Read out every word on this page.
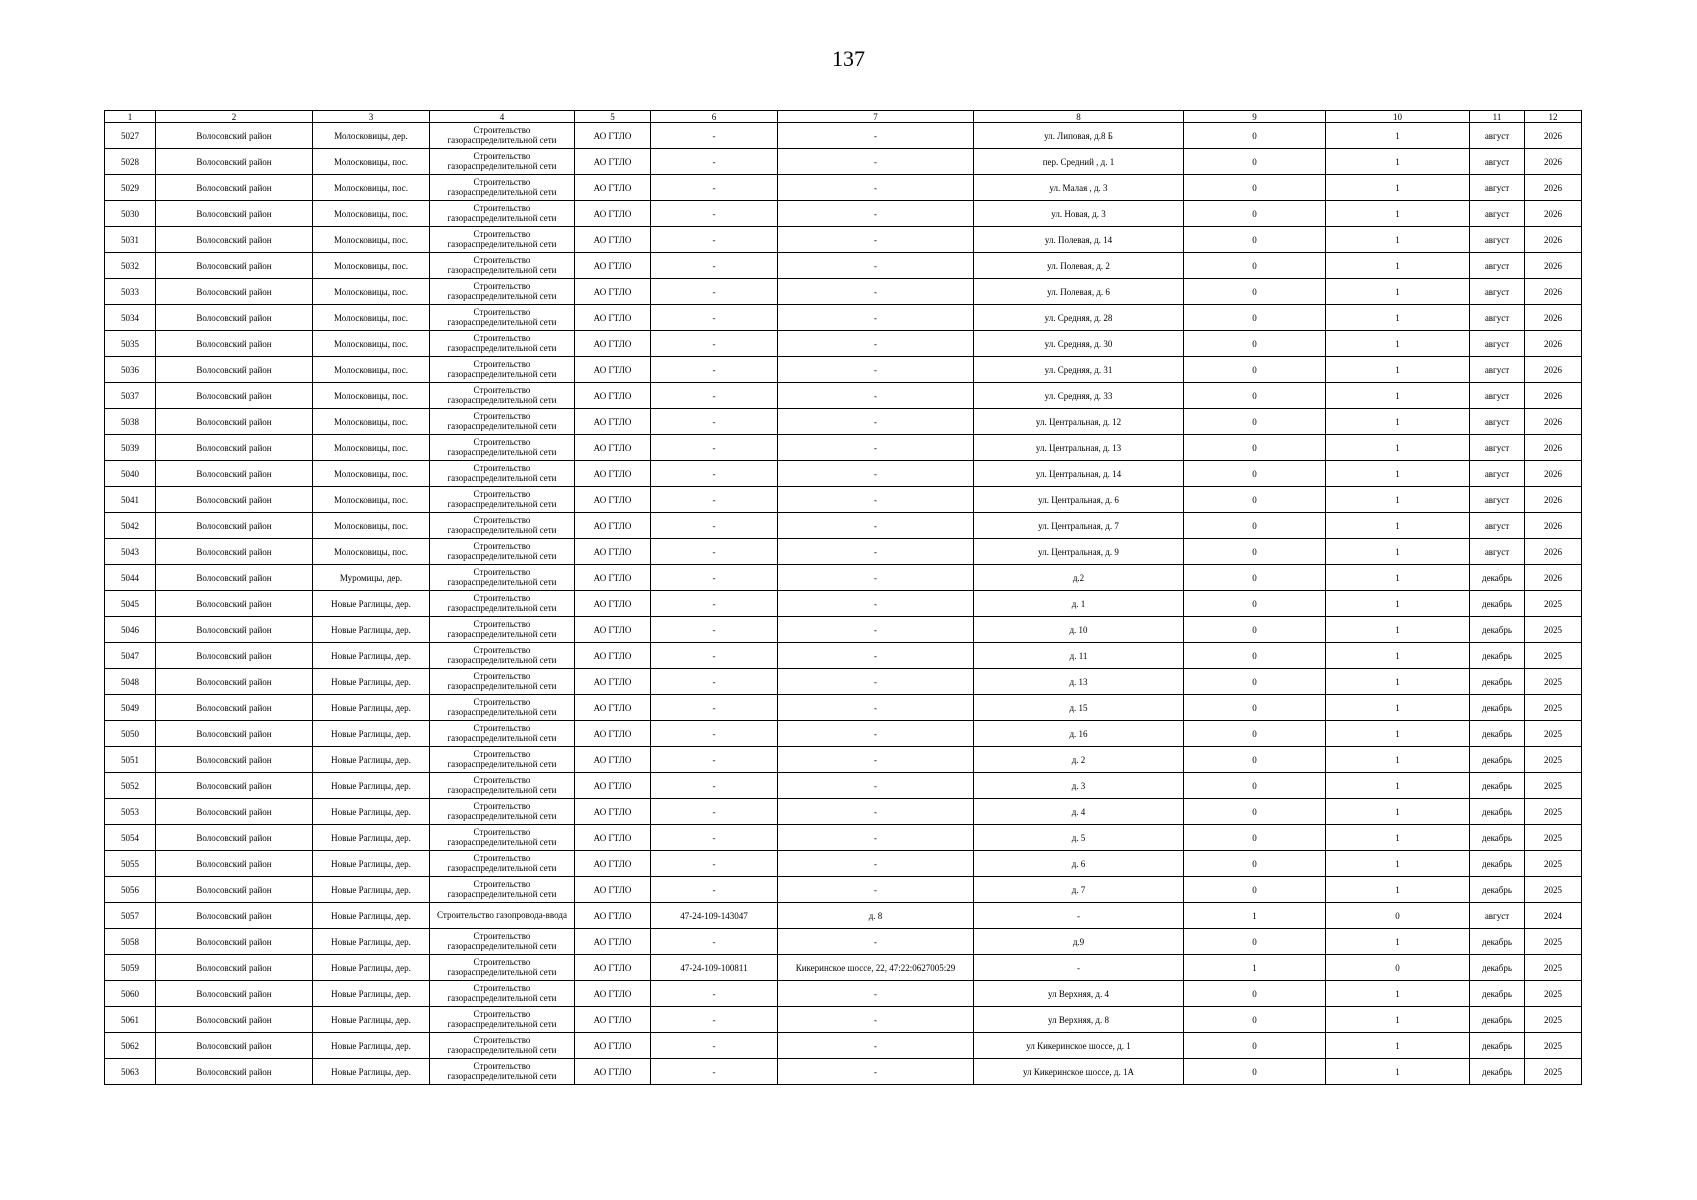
137
1	2	3	4	5	6	7	8	9	10	11	12
5027	Волосовский район	Молосковицы, дер.	Строительство газораспределительной сети	АО ГТЛО	-	-	ул. Липовая, д.8 Б	0	1	август	2026
5028	Волосовский район	Молосковицы, пос.	Строительство газораспределительной сети	АО ГТЛО	-	-	пер. Средний , д. 1	0	1	август	2026
5029	Волосовский район	Молосковицы, пос.	Строительство газораспределительной сети	АО ГТЛО	-	-	ул. Малая , д. 3	0	1	август	2026
5030	Волосовский район	Молосковицы, пос.	Строительство газораспределительной сети	АО ГТЛО	-	-	ул. Новая, д. 3	0	1	август	2026
5031	Волосовский район	Молосковицы, пос.	Строительство газораспределительной сети	АО ГТЛО	-	-	ул. Полевая, д. 14	0	1	август	2026
5032	Волосовский район	Молосковицы, пос.	Строительство газораспределительной сети	АО ГТЛО	-	-	ул. Полевая, д. 2	0	1	август	2026
5033	Волосовский район	Молосковицы, пос.	Строительство газораспределительной сети	АО ГТЛО	-	-	ул. Полевая, д. 6	0	1	август	2026
5034	Волосовский район	Молосковицы, пос.	Строительство газораспределительной сети	АО ГТЛО	-	-	ул. Средняя, д. 28	0	1	август	2026
5035	Волосовский район	Молосковицы, пос.	Строительство газораспределительной сети	АО ГТЛО	-	-	ул. Средняя, д. 30	0	1	август	2026
5036	Волосовский район	Молосковицы, пос.	Строительство газораспределительной сети	АО ГТЛО	-	-	ул. Средняя, д. 31	0	1	август	2026
5037	Волосовский район	Молосковицы, пос.	Строительство газораспределительной сети	АО ГТЛО	-	-	ул. Средняя, д. 33	0	1	август	2026
5038	Волосовский район	Молосковицы, пос.	Строительство газораспределительной сети	АО ГТЛО	-	-	ул. Центральная, д. 12	0	1	август	2026
5039	Волосовский район	Молосковицы, пос.	Строительство газораспределительной сети	АО ГТЛО	-	-	ул. Центральная, д. 13	0	1	август	2026
5040	Волосовский район	Молосковицы, пос.	Строительство газораспределительной сети	АО ГТЛО	-	-	ул. Центральная, д. 14	0	1	август	2026
5041	Волосовский район	Молосковицы, пос.	Строительство газораспределительной сети	АО ГТЛО	-	-	ул. Центральная, д. 6	0	1	август	2026
5042	Волосовский район	Молосковицы, пос.	Строительство газораспределительной сети	АО ГТЛО	-	-	ул. Центральная, д. 7	0	1	август	2026
5043	Волосовский район	Молосковицы, пос.	Строительство газораспределительной сети	АО ГТЛО	-	-	ул. Центральная, д. 9	0	1	август	2026
5044	Волосовский район	Муромицы, дер.	Строительство газораспределительной сети	АО ГТЛО	-	-	д.2	0	1	декабрь	2026
5045	Волосовский район	Новые Раглицы, дер.	Строительство газораспределительной сети	АО ГТЛО	-	-	д. 1	0	1	декабрь	2025
5046	Волосовский район	Новые Раглицы, дер.	Строительство газораспределительной сети	АО ГТЛО	-	-	д. 10	0	1	декабрь	2025
5047	Волосовский район	Новые Раглицы, дер.	Строительство газораспределительной сети	АО ГТЛО	-	-	д. 11	0	1	декабрь	2025
5048	Волосовский район	Новые Раглицы, дер.	Строительство газораспределительной сети	АО ГТЛО	-	-	д. 13	0	1	декабрь	2025
5049	Волосовский район	Новые Раглицы, дер.	Строительство газораспределительной сети	АО ГТЛО	-	-	д. 15	0	1	декабрь	2025
5050	Волосовский район	Новые Раглицы, дер.	Строительство газораспределительной сети	АО ГТЛО	-	-	д. 16	0	1	декабрь	2025
5051	Волосовский район	Новые Раглицы, дер.	Строительство газораспределительной сети	АО ГТЛО	-	-	д. 2	0	1	декабрь	2025
5052	Волосовский район	Новые Раглицы, дер.	Строительство газораспределительной сети	АО ГТЛО	-	-	д. 3	0	1	декабрь	2025
5053	Волосовский район	Новые Раглицы, дер.	Строительство газораспределительной сети	АО ГТЛО	-	-	д. 4	0	1	декабрь	2025
5054	Волосовский район	Новые Раглицы, дер.	Строительство газораспределительной сети	АО ГТЛО	-	-	д. 5	0	1	декабрь	2025
5055	Волосовский район	Новые Раглицы, дер.	Строительство газораспределительной сети	АО ГТЛО	-	-	д. 6	0	1	декабрь	2025
5056	Волосовский район	Новые Раглицы, дер.	Строительство газораспределительной сети	АО ГТЛО	-	-	д. 7	0	1	декабрь	2025
5057	Волосовский район	Новые Раглицы, дер.	Строительство газопровода-ввода	АО ГТЛО	47-24-109-143047	д. 8	-	1	0	август	2024
5058	Волосовский район	Новые Раглицы, дер.	Строительство газораспределительной сети	АО ГТЛО	-	-	д.9	0	1	декабрь	2025
5059	Волосовский район	Новые Раглицы, дер.	Строительство газораспределительной сети	АО ГТЛО	47-24-109-100811	Кикеринское шоссе, 22, 47:22:0627005:29	-	1	0	декабрь	2025
5060	Волосовский район	Новые Раглицы, дер.	Строительство газораспределительной сети	АО ГТЛО	-	-	ул Верхняя, д. 4	0	1	декабрь	2025
5061	Волосовский район	Новые Раглицы, дер.	Строительство газораспределительной сети	АО ГТЛО	-	-	ул Верхняя, д. 8	0	1	декабрь	2025
5062	Волосовский район	Новые Раглицы, дер.	Строительство газораспределительной сети	АО ГТЛО	-	-	ул Кикеринское шоссе, д. 1	0	1	декабрь	2025
5063	Волосовский район	Новые Раглицы, дер.	Строительство газораспределительной сети	АО ГТЛО	-	-	ул Кикеринское шоссе, д. 1А	0	1	декабрь	2025
